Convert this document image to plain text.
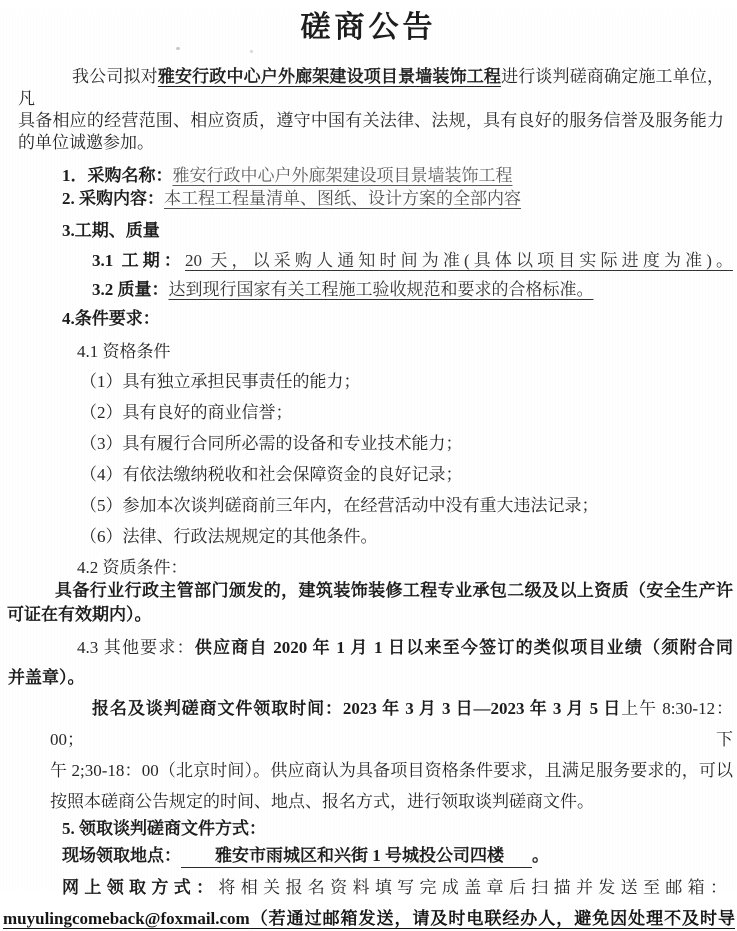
磋商公告
我公司拟对雅安行政中心户外廊架建设项目景墙装饰工程进行谈判磋商确定施工单位，凡
具备相应的经营范围、相应资质，遵守中国有关法律、法规，具有良好的服务信誉及服务能力
的单位诚邀参加。
1．采购名称：雅安行政中心户外廊架建设项目景墙装饰工程
2. 采购内容：本工程工程量清单、图纸、设计方案的全部内容
3.工期、质量
3.1 工期：20 天，以采购人通知时间为准(具体以项目实际进度为准)。
3.2 质量：达到现行国家有关工程施工验收规范和要求的合格标准。
4.条件要求：
4.1 资格条件
（1）具有独立承担民事责任的能力；
（2）具有良好的商业信誉；
（3）具有履行合同所必需的设备和专业技术能力；
（4）有依法缴纳税收和社会保障资金的良好记录；
（5）参加本次谈判磋商前三年内，在经营活动中没有重大违法记录；
（6）法律、行政法规规定的其他条件。
4.2 资质条件：
具备行业行政主管部门颁发的，建筑装饰装修工程专业承包二级及以上资质（安全生产许
可证在有效期内）。
4.3 其他要求：供应商自 2020 年 1 月 1 日以来至今签订的类似项目业绩（须附合同
并盖章）。
报名及谈判磋商文件领取时间：2023 年 3 月 3 日—2023 年 3 月 5 日上午 8:30-12：00；下
午 2;30-18：00（北京时间）。供应商认为具备项目资格条件要求，且满足服务要求的，可以
按照本磋商公告规定的时间、地点、报名方式，进行领取谈判磋商文件。
5. 领取谈判磋商文件方式：
现场领取地点： 雅安市雨城区和兴街 1 号城投公司四楼 。
网上领取方式：将相关报名资料填写完成盖章后扫描并发送至邮箱：
muyulingcomeback@foxmail.com（若通过邮箱发送，请及时电联经办人，避免因处理不及时导
